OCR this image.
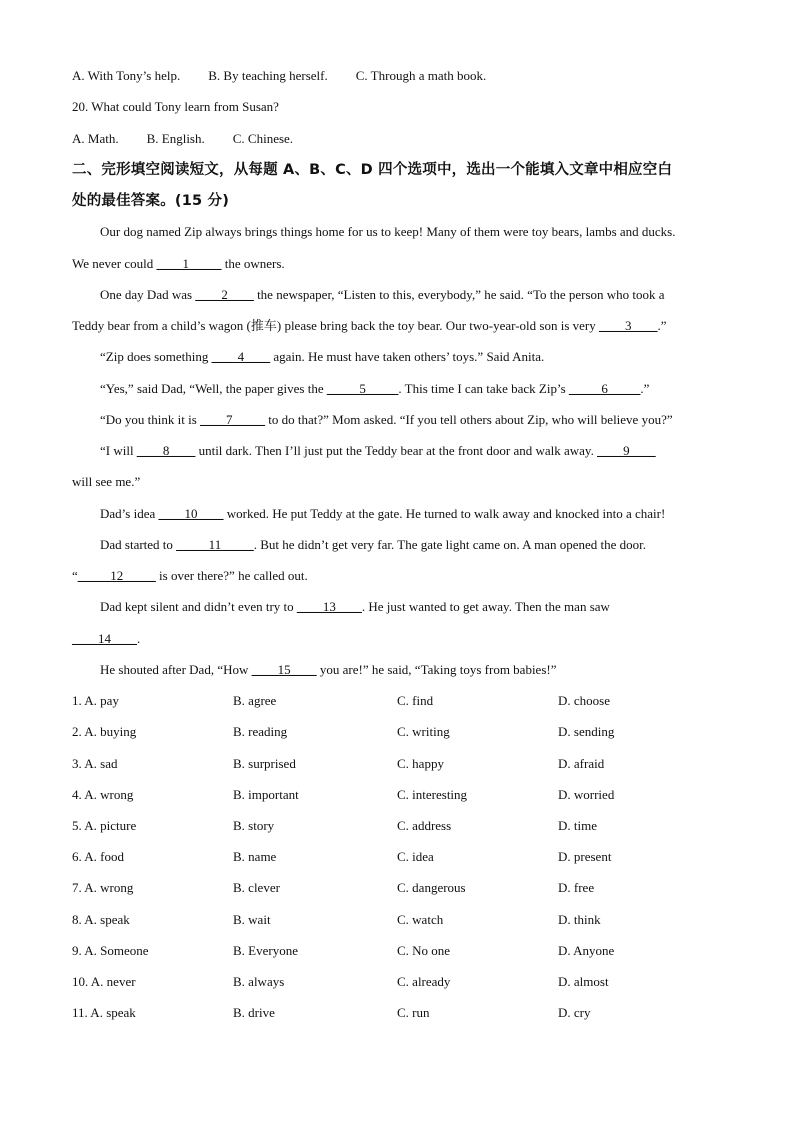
A. With Tony’s help. B. By teaching herself. C. Through a math book.
20. What could Tony learn from Susan?
A. Math. B. English. C. Chinese.
二、完形填空阅读短文，从每题 A、B、C、D 四个选项中，选出一个能填入文章中相应空白
处的最佳答案。(15 分)
Our dog named Zip always brings things home for us to keep! Many of them were toy bears, lambs and ducks.
We never could ____1_____ the owners.
One day Dad was ____2____ the newspaper, “Listen to this, everybody,” he said. “To the person who took a
Teddy bear from a child’s wagon (推车) please bring back the toy bear. Our two-year-old son is very ____3____.”
“Zip does something ____4____ again. He must have taken others’ toys.” Said Anita.
“Yes,” said Dad, “Well, the paper gives the _____5_____. This time I can take back Zip’s _____6_____.”
“Do you think it is ____7_____ to do that?” Mom asked. “If you tell others about Zip, who will believe you?”
“I will ____8____ until dark. Then I’ll just put the Teddy bear at the front door and walk away. ____9____
will see me.”
Dad’s idea ____10____ worked. He put Teddy at the gate. He turned to walk away and knocked into a chair!
Dad started to _____11_____. But he didn’t get very far. The gate light came on. A man opened the door.
“_____12_____ is over there?” he called out.
Dad kept silent and didn’t even try to ____13____. He just wanted to get away. Then the man saw
____14____.
He shouted after Dad, “How ____15____ you are!” he said, “Taking toys from babies!”
1. A. pay	B. agree	C. find	D. choose
2. A. buying	B. reading	C. writing	D. sending
3. A. sad	B. surprised	C. happy	D. afraid
4. A. wrong	B. important	C. interesting	D. worried
5. A. picture	B. story	C. address	D. time
6. A. food	B. name	C. idea	D. present
7. A. wrong	B. clever	C. dangerous	D. free
8. A. speak	B. wait	C. watch	D. think
9. A. Someone	B. Everyone	C. No one	D. Anyone
10. A. never	B. always	C. already	D. almost
11. A. speak	B. drive	C. run	D. cry
